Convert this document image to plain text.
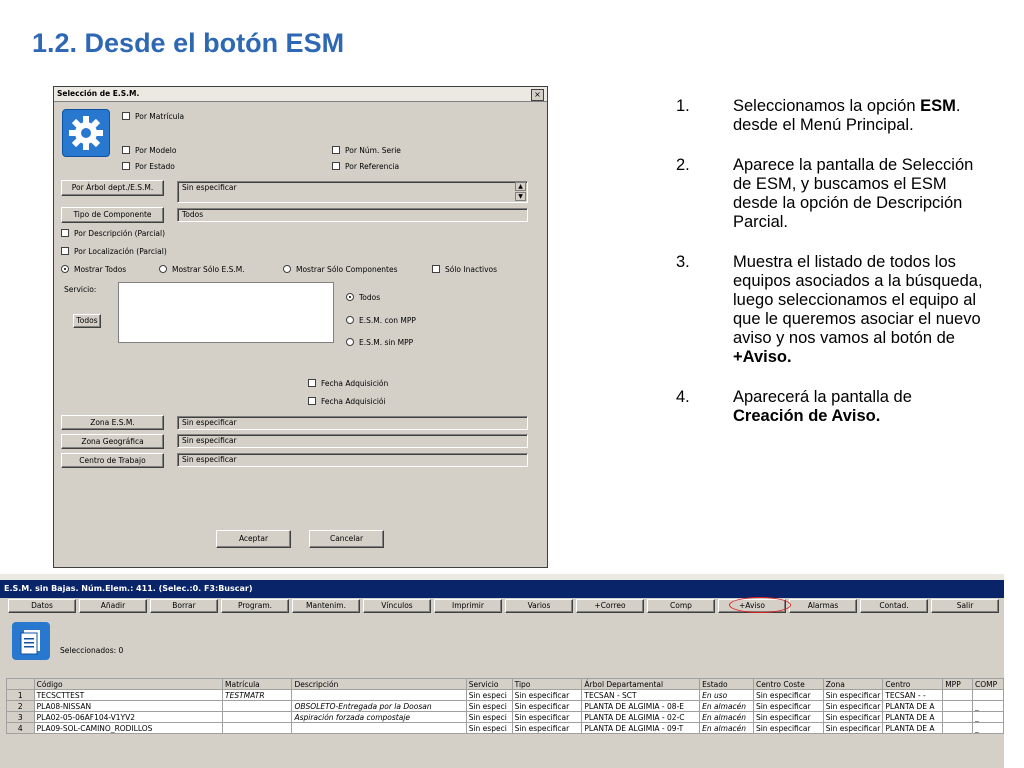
1.2. Desde el botón ESM
Selección de E.S.M.	×
Por Matrícula
Por Modelo	Por Núm. Serie
Por Estado	Por Referencia
Por Árbol dept./E.S.M.	Sin especificar	▲
▼
Tipo de Componente	Todos
Por Descripción (Parcial)
Por Localización (Parcial)
Mostrar Todos	Mostrar Sólo E.S.M.	Mostrar Sólo Componentes	Sólo Inactivos
Servicio:
Todos
Todos
E.S.M. con MPP
E.S.M. sin MPP
Fecha Adquisición
Fecha Adquisiciói
Zona E.S.M.	Sin especificar
Zona Geográfica	Sin especificar
Centro de Trabajo	Sin especificar
Aceptar	Cancelar
1.	Seleccionamos la opción ESM. desde el Menú Principal.
2.	Aparece la pantalla de Selección de ESM, y buscamos el ESM desde la opción de Descripción Parcial.
3.	Muestra el listado de todos los equipos asociados a la búsqueda, luego seleccionamos el equipo al que le queremos asociar el nuevo aviso y nos vamos al botón de +Aviso.
4.	Aparecerá la pantalla de Creación de Aviso.
E.S.M. sin Bajas. Núm.Elem.: 411. (Selec.:0. F3:Buscar)
Datos	Añadir	Borrar	Program.	Mantenim.	Vínculos	Imprimir	Varios	+Correo	Comp	+Aviso	Alarmas	Contad.	Salir
Seleccionados: 0
	Código	Matrícula	Descripción	Servicio	Tipo	Árbol Departamental	Estado	Centro Coste	Zona	Centro	MPP	COMP
1	TECSCTTEST	TESTMATR		Sin especi	Sin especificar	TECSAN - SCT	En uso	Sin especificar	Sin especificar	TECSAN - -		
2	PLA08-NISSAN		OBSOLETO-Entregada por la Doosan	Sin especi	Sin especificar	PLANTA DE ALGIMIA - 08-E	En almacén	Sin especificar	Sin especificar	PLANTA DE A		_
3	PLA02-05-06AF104-V1YV2		Aspiración forzada compostaje	Sin especi	Sin especificar	PLANTA DE ALGIMIA - 02-C	En almacén	Sin especificar	Sin especificar	PLANTA DE A		_
4	PLA09-SOL-CAMINO_RODILLOS			Sin especi	Sin especificar	PLANTA DE ALGIMIA - 09-T	En almacén	Sin especificar	Sin especificar	PLANTA DE A		_
